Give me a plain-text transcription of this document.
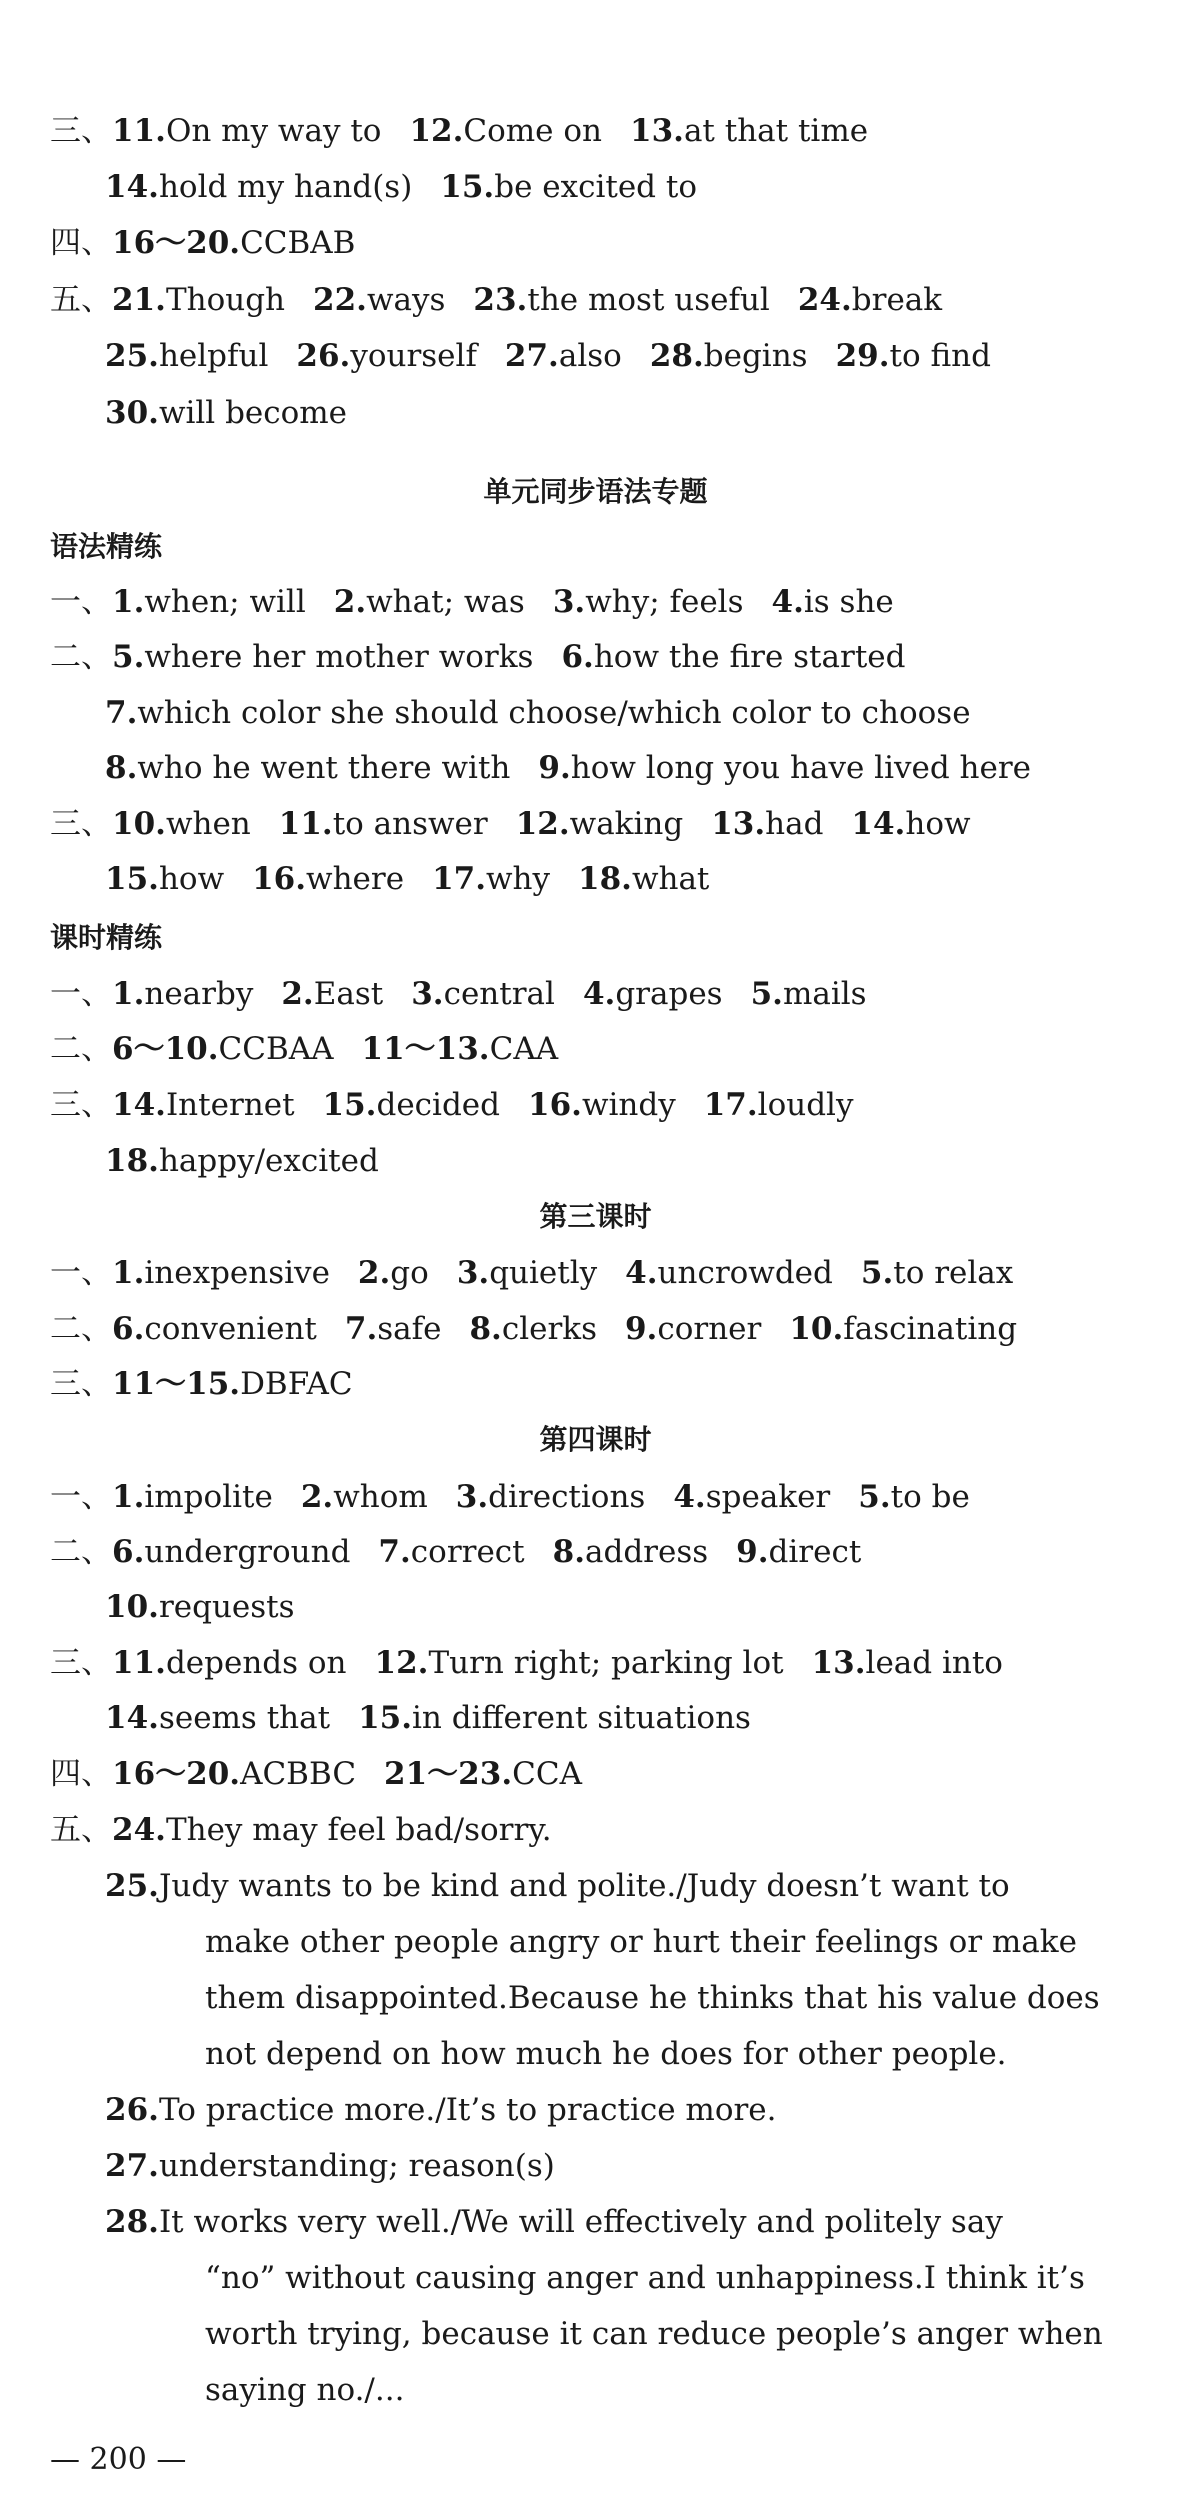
三、11.On my way to 12.Come on 13.at that time
14.hold my hand(s) 15.be excited to
四、16～20.CCBAB
五、21.Though 22.ways 23.the most useful 24.break
25.helpful 26.yourself 27.also 28.begins 29.to find
30.will become
一、1.when; will 2.what; was 3.why; feels 4.is she
二、5.where her mother works 6.how the fire started
7.which color she should choose/which color to choose
8.who he went there with 9.how long you have lived here
三、10.when 11.to answer 12.waking 13.had 14.how
15.how 16.where 17.why 18.what
一、1.nearby 2.East 3.central 4.grapes 5.mails
二、6～10.CCBAA 11～13.CAA
三、14.Internet 15.decided 16.windy 17.loudly
18.happy/excited
一、1.inexpensive 2.go 3.quietly 4.uncrowded 5.to relax
二、6.convenient 7.safe 8.clerks 9.corner 10.fascinating
三、11～15.DBFAC
一、1.impolite 2.whom 3.directions 4.speaker 5.to be
二、6.underground 7.correct 8.address 9.direct
10.requests
三、11.depends on 12.Turn right; parking lot 13.lead into
14.seems that 15.in different situations
四、16～20.ACBBC 21～23.CCA
五、24.They may feel bad/sorry.
25.Judy wants to be kind and polite./Judy doesn’t want to
make other people angry or hurt their feelings or make
them disappointed.Because he thinks that his value does
not depend on how much he does for other people.
26.To practice more./It’s to practice more.
27.understanding; reason(s)
28.It works very well./We will effectively and politely say
“no” without causing anger and unhappiness.I think it’s
worth trying, because it can reduce people’s anger when
saying no./...
单元同步语法专题
语法精练
课时精练
第三课时
第四课时
— 200 —
